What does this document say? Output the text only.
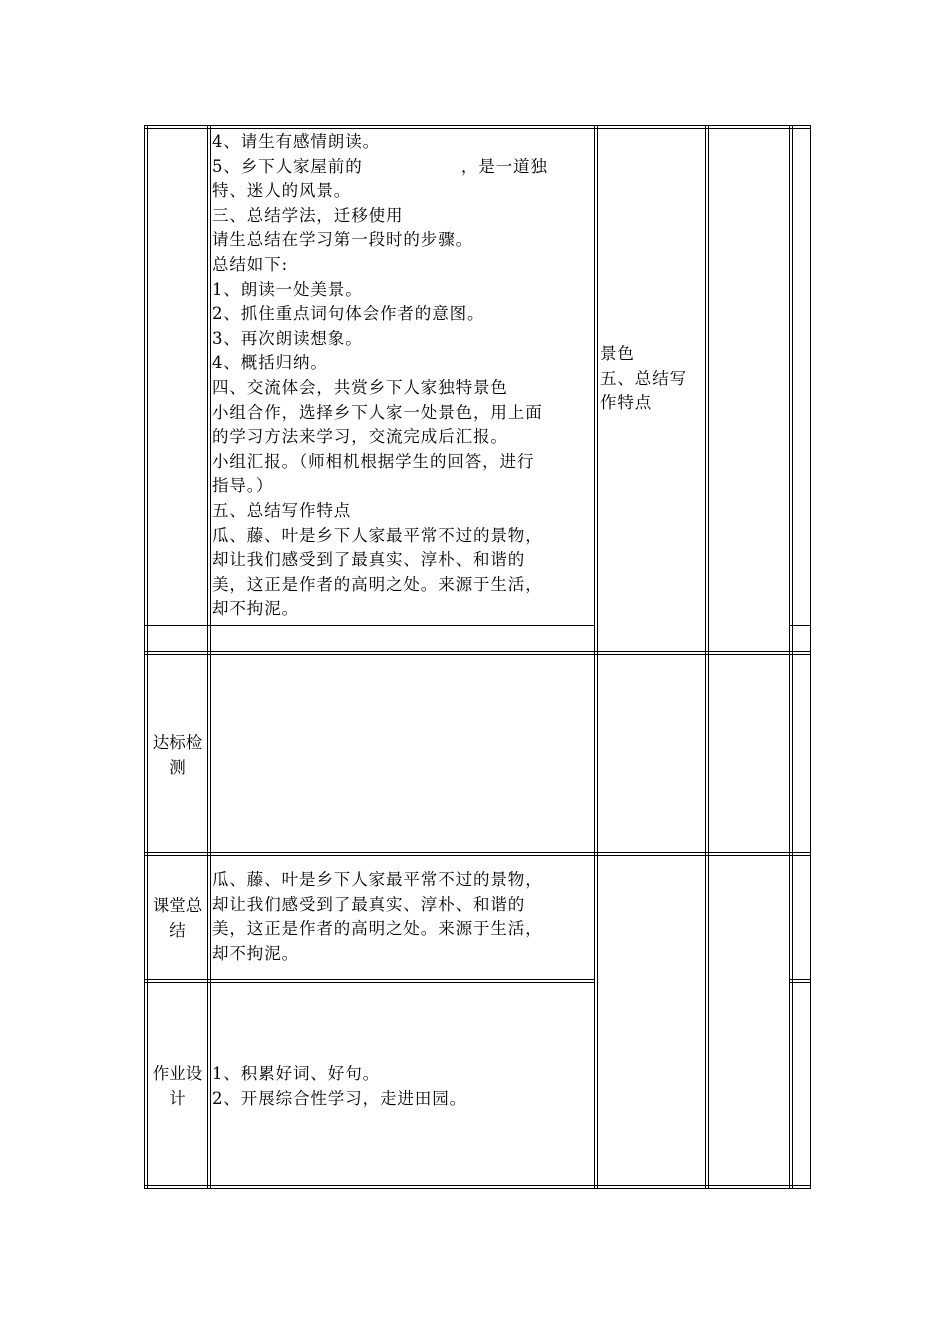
4、请生有感情朗读。
5、乡下人家屋前的                ，是一道独
特、迷人的风景。
三、总结学法，迁移使用
请生总结在学习第一段时的步骤。
总结如下:
1、朗读一处美景。
2、抓住重点词句体会作者的意图。
3、再次朗读想象。
4、概括归纳。
四、交流体会，共赏乡下人家独特景色
小组合作，选择乡下人家一处景色，用上面
的学习方法来学习，交流完成后汇报。
小组汇报。（师相机根据学生的回答，进行
指导。）
五、总结写作特点
瓜、藤、叶是乡下人家最平常不过的景物，
却让我们感受到了最真实、淳朴、和谐的
美，这正是作者的高明之处。来源于生活，
却不拘泥。
景色
五、总结写
作特点
达标检
测
课堂总
结
瓜、藤、叶是乡下人家最平常不过的景物，
却让我们感受到了最真实、淳朴、和谐的
美，这正是作者的高明之处。来源于生活，
却不拘泥。
作业设
计
1、积累好词、好句。
2、开展综合性学习，走进田园。
